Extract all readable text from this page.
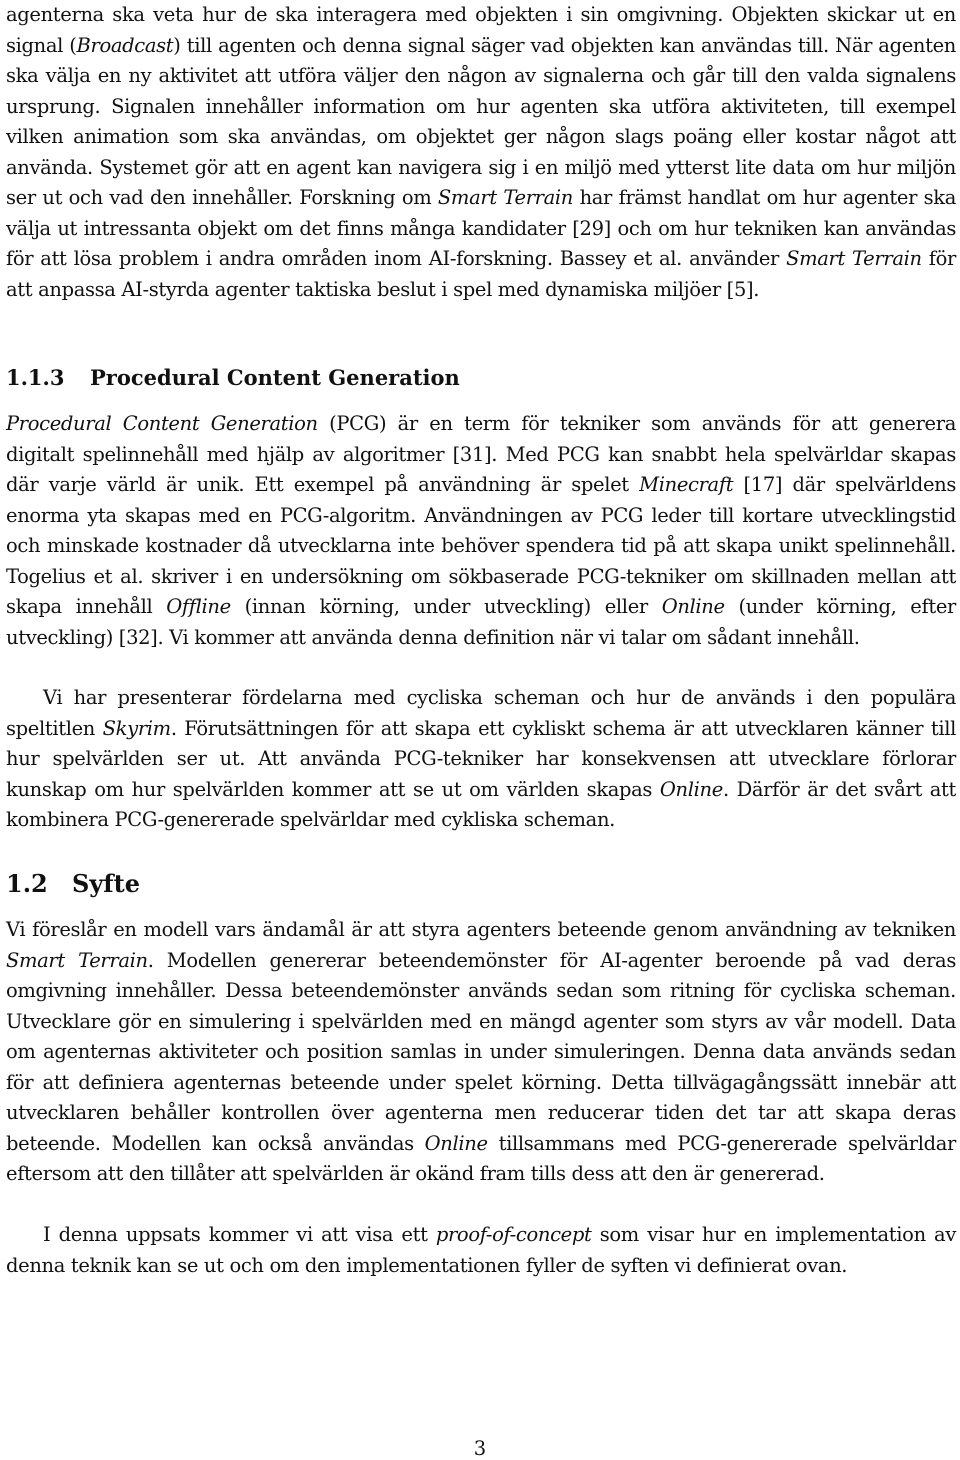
agenterna ska veta hur de ska interagera med objekten i sin omgivning. Objekten skickar ut en signal (Broadcast) till agenten och denna signal säger vad objekten kan användas till. När agenten ska välja en ny aktivitet att utföra väljer den någon av signalerna och går till den valda signalens ursprung. Signalen innehåller information om hur agenten ska utföra aktiviteten, till exempel vilken animation som ska användas, om objektet ger någon slags poäng eller kostar något att använda. Systemet gör att en agent kan navigera sig i en miljö med ytterst lite data om hur miljön ser ut och vad den innehåller. Forskning om Smart Terrain har främst handlat om hur agenter ska välja ut intressanta objekt om det finns många kandidater [29] och om hur tekniken kan användas för att lösa problem i andra områden inom AI-forskning. Bassey et al. använder Smart Terrain för att anpassa AI-styrda agenter taktiska beslut i spel med dynamiska miljöer [5].

1.1.3 Procedural Content Generation

Procedural Content Generation (PCG) är en term för tekniker som används för att generera digitalt spelinnehåll med hjälp av algoritmer [31]. Med PCG kan snabbt hela spelvärldar skapas där varje värld är unik. Ett exempel på användning är spelet Minecraft [17] där spelvärldens enorma yta skapas med en PCG-algoritm. Användningen av PCG leder till kortare utvecklingstid och minskade kostnader då utvecklarna inte behöver spendera tid på att skapa unikt spelinnehåll. Togelius et al. skriver i en undersökning om sökbaserade PCG-tekniker om skillnaden mellan att skapa innehåll Offline (innan körning, under utveckling) eller Online (under körning, efter utveckling) [32]. Vi kommer att använda denna definition när vi talar om sådant innehåll.

Vi har presenterar fördelarna med cycliska scheman och hur de används i den populära speltitlen Skyrim. Förutsättningen för att skapa ett cykliskt schema är att utvecklaren känner till hur spelvärlden ser ut. Att använda PCG-tekniker har konsekvensen att utvecklare förlorar kunskap om hur spelvärlden kommer att se ut om världen skapas Online. Därför är det svårt att kombinera PCG-genererade spelvärldar med cykliska scheman.

1.2 Syfte

Vi föreslår en modell vars ändamål är att styra agenters beteende genom användning av tekniken Smart Terrain. Modellen genererar beteendemönster för AI-agenter beroende på vad deras omgivning innehåller. Dessa beteendemönster används sedan som ritning för cycliska scheman. Utvecklare gör en simulering i spelvärlden med en mängd agenter som styrs av vår modell. Data om agenternas aktiviteter och position samlas in under simuleringen. Denna data används sedan för att definiera agenternas beteende under spelet körning. Detta tillvägagångssätt innebär att utvecklaren behåller kontrollen över agenterna men reducerar tiden det tar att skapa deras beteende. Modellen kan också användas Online tillsammans med PCG-genererade spelvärldar eftersom att den tillåter att spelvärlden är okänd fram tills dess att den är genererad.

I denna uppsats kommer vi att visa ett proof-of-concept som visar hur en implementation av denna teknik kan se ut och om den implementationen fyller de syften vi definierat ovan.

3
